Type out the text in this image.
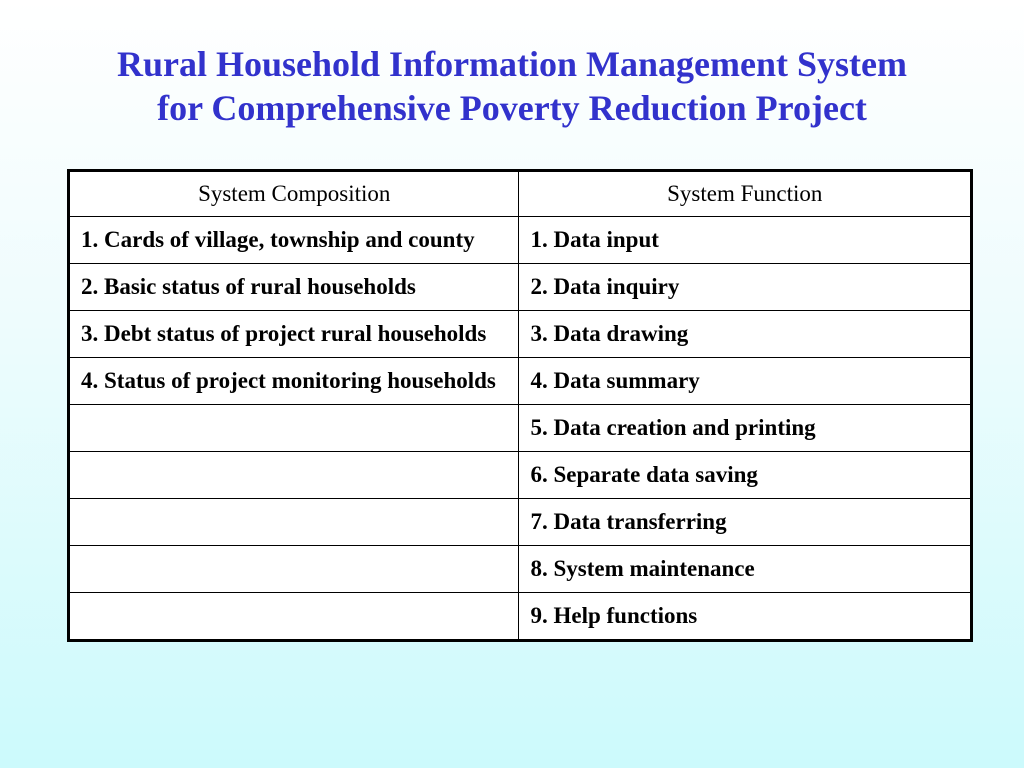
Rural Household Information Management System
for Comprehensive Poverty Reduction Project
System Composition	System Function
1. Cards of village, township and county	1. Data input
2. Basic status of rural households	2. Data inquiry
3. Debt status of project rural households	3. Data drawing
4. Status of project monitoring households	4. Data summary
	5. Data creation and printing
	6. Separate data saving
	7. Data transferring
	8. System maintenance
	9. Help functions
